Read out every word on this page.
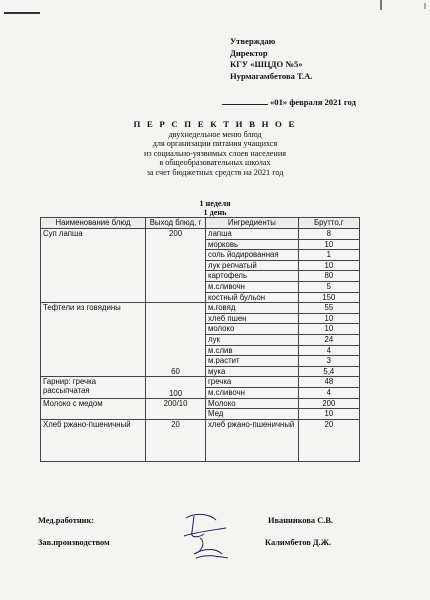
Утверждаю
Директор
КГУ «ШЦДО №5»
Нурмагамбетова Т.А.
«01» февраля 2021 год
П Е Р С П Е К Т И В Н О Е
двухнедельное меню блюд
для организации питания учащихся
из социально-уязвимых слоев населения
в общеобразовательных школах
за счет бюджетных средств на 2021 год
1 неделя
1 день
Наименование блюд	Выход блюд, г	Ингредиенты	Брутто,г
Суп лапша	200	лапша	8
		морковь	10
		соль йодированная	1
		лук репчатый	10
		картофель	80
		м.сливочн	5
		костный бульон	150
Тефтели из говядины	60	м.говяд	55
		хлеб пшен	10
		молоко	10
		лук	24
		м.слив	4
		м.растит	3
		мука	5,4
Гарнир: гречка рассыпчатая	100	гречка	48
		м.сливочн	4
Молоко с медом	200/10	Молоко	200
		Мед	10
Хлеб ржано-пшеничный	20	хлеб ржано-пшеничный	20
Мед.работник:	Иванникова С.В.
Зав.производством	Калимбетов Д.Ж.
